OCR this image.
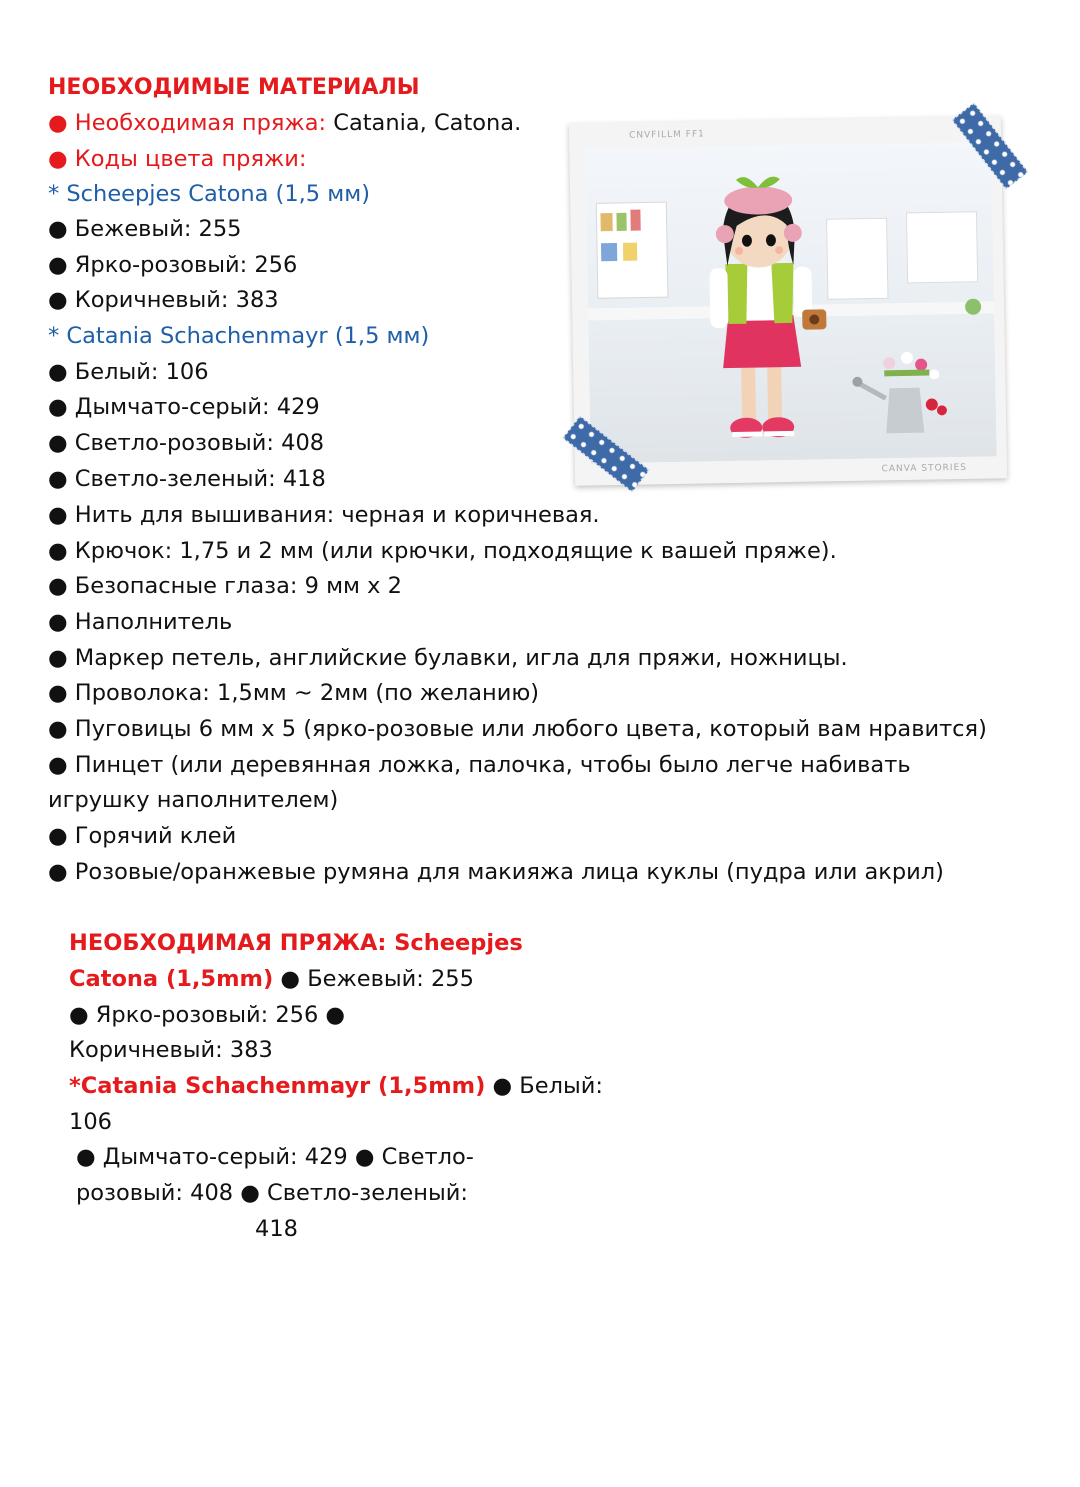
НЕОБХОДИМЫЕ МАТЕРИАЛЫ
● Необходимая пряжа: Catania, Catona.
● Коды цвета пряжи:
* Scheepjes Catona (1,5 мм)
● Бежевый: 255
● Ярко-розовый: 256
● Коричневый: 383
* Catania Schachenmayr (1,5 мм)
● Белый: 106
● Дымчато-серый: 429
● Светло-розовый: 408
● Светло-зеленый: 418
● Нить для вышивания: черная и коричневая.
● Крючок: 1,75 и 2 мм (или крючки, подходящие к вашей пряже).
● Безопасные глаза: 9 мм x 2
● Наполнитель
● Маркер петель, английские булавки, игла для пряжи, ножницы.
● Проволока: 1,5мм ~ 2мм (по желанию)
● Пуговицы 6 мм x 5 (ярко-розовые или любого цвета, который вам нравится)
● Пинцет (или деревянная ложка, палочка, чтобы было легче набивать
игрушку наполнителем)
● Горячий клей
● Розовые/оранжевые румяна для макияжа лица куклы (пудра или акрил)
НЕОБХОДИМАЯ ПРЯЖА: Scheepjes
Catona (1,5mm) ● Бежевый: 255
● Ярко-розовый: 256 ●
Коричневый: 383
*Catania Schachenmayr (1,5mm) ● Белый:
106
● Дымчато-серый: 429 ● Светло-
розовый: 408 ● Светло-зеленый:
418
CNVFILLM FF1
CANVA STORIES
